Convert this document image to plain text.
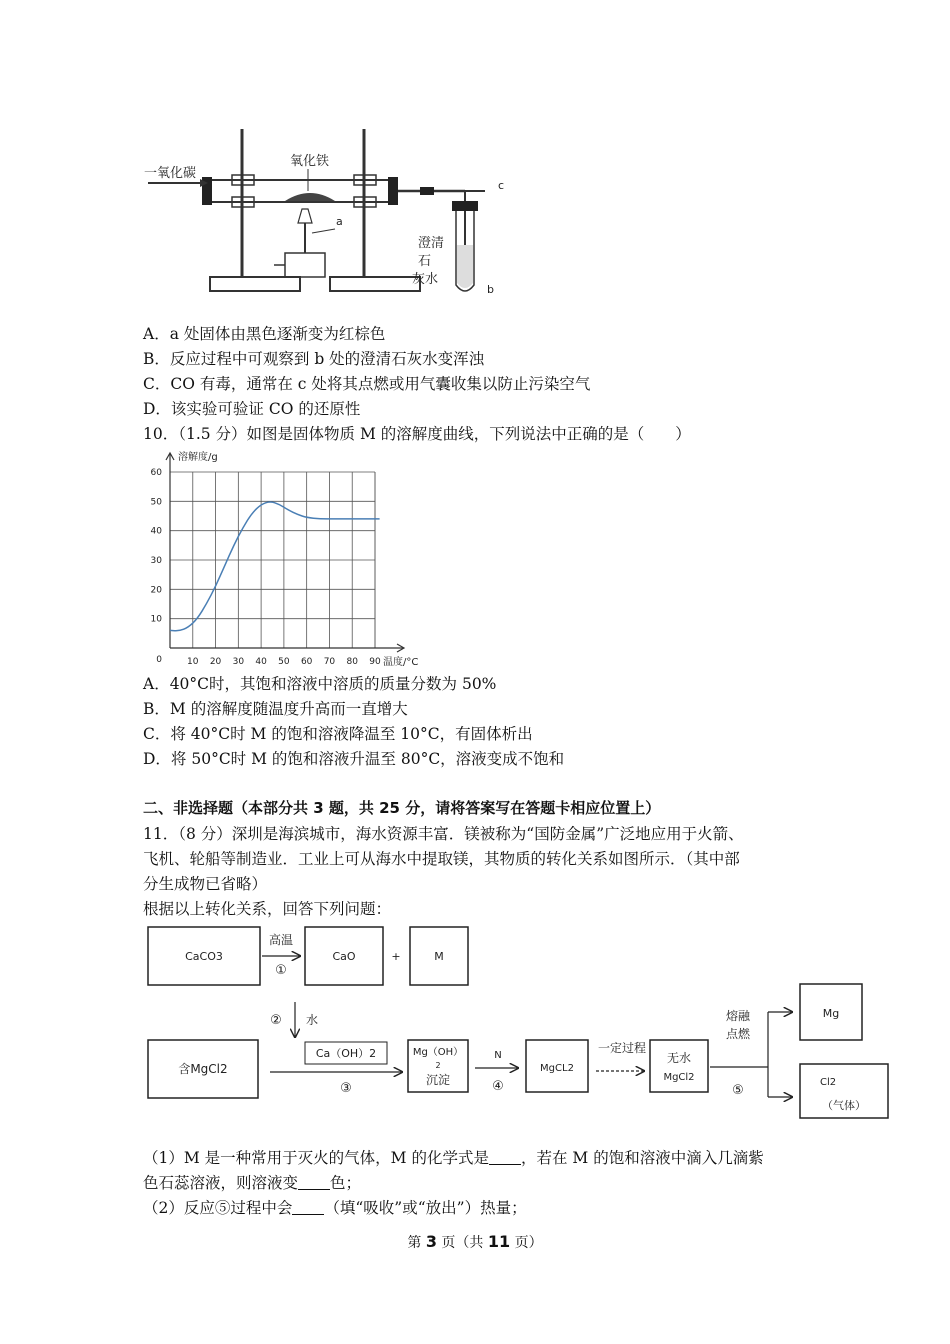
一氧化碳
氧化铁
a
c
澄清
石
灰水
b
A．a 处固体由黑色逐渐变为红棕色
B．反应过程中可观察到 b 处的澄清石灰水变浑浊
C．CO 有毒，通常在 c 处将其点燃或用气囊收集以防止污染空气
D．该实验可验证 CO 的还原性
10．（1.5 分）如图是固体物质 M 的溶解度曲线，下列说法中正确的是（　　）
10 20 30 40 50 60 70 80 90
10
20
30
40
50
60
0
溶解度/g
温度/°C
A．40°C时，其饱和溶液中溶质的质量分数为 50%
B．M 的溶解度随温度升高而一直增大
C．将 40°C时 M 的饱和溶液降温至 10°C，有固体析出
D．将 50°C时 M 的饱和溶液升温至 80°C，溶液变成不饱和
二、非选择题（本部分共 3 题，共 25 分，请将答案写在答题卡相应位置上）
11．（8 分）深圳是海滨城市，海水资源丰富．镁被称为“国防金属”广泛地应用于火箭、
飞机、轮船等制造业．工业上可从海水中提取镁，其物质的转化关系如图所示．（其中部
分生成物已省略）
根据以上转化关系，回答下列问题：
CaCO3
高温
①
CaO	+	M
② 水
含MgCl2
Ca（OH）2
③
Mg（OH）
2
沉淀
N
④
MgCL2
一定过程
无水
MgCl2
熔融
点燃
⑤
Mg
Cl2
（气体）
（1）M 是一种常用于灭火的气体，M 的化学式是 ，若在 M 的饱和溶液中滴入几滴紫
色石蕊溶液，则溶液变 色；
（2）反应⑤过程中会 （填“吸收”或“放出”）热量；
第 3 页（共 11 页）
